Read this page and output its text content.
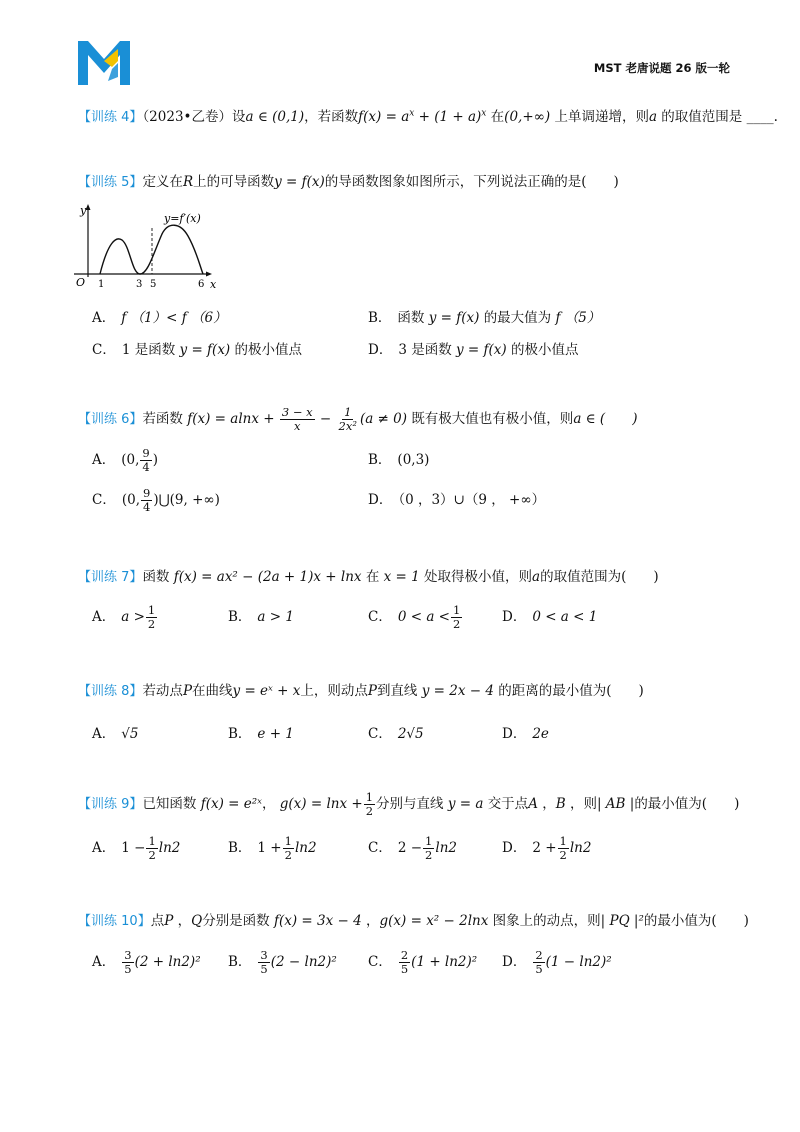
MST 老唐说题 26 版一轮
【训练 4】（2023•乙卷）设a ∈ (0,1)，若函数$f(x) = a^x + (1 + a)^x$ 在(0,+∞) 上单调递增，则a 的取值范围是 ____.
【训练 5】定义在R上的可导函数y = f(x)的导函数图象如图所示，下列说法正确的是(　　)
y
x
O
y=f′(x)
1	3 5	6
A． f （1）< f （6）	B． 函数 y = f(x) 的最大值为 f （5）
C． 1 是函数 y = f(x) 的极小值点	D． 3 是函数 y = f(x) 的极小值点
【训练 6】若函数 $f(x) = alnx + \frac{3 - x}{x} - \frac{1}{\text{2x²}} (a \ne 0)$ 既有极大值也有极小值，则a ∈ (　　)
A． (0, $\frac{9}{4}$ )	B． (0,3)
C． (0, $\frac{9}{4}$ )⋃(9, +∞)	D． （0 ，3）∪（9 ， +∞）
【训练 7】函数 f(x) = ax² − (2a + 1)x + lnx 在 x = 1 处取得极小值，则a的取值范围为(　　)
A． $a > \frac{1}{2}$	B． a > 1	C． $0 < a < \frac{1}{2}$	D． 0 < a < 1
【训练 8】若动点P在曲线y = eˣ + x上，则动点P到直线 y = 2x − 4 的距离的最小值为(　　)
A． √5	B． e + 1	C． 2√5	D． 2e
【训练 9】已知函数 f(x) = e²ˣ， $g(x) = \ln x + \frac{1}{2}$ 分别与直线 y = a 交于点A ，B ，则| AB |的最小值为(　　)
A． $1 - \frac{1}{2} \ln 2$	B． $1 + \frac{1}{2} \ln 2$	C． $2 - \frac{1}{2} \ln 2$	D． $2 + \frac{1}{2} \ln 2$
【训练 10】点P ，Q分别是函数 f(x) = 3x − 4 ，g(x) = x² − 2lnx 图象上的动点，则| PQ |²的最小值为(　　)
A． $\frac{3}{5} (2 + \ln 2)^2$ B． $\frac{3}{5} (2 - \ln 2)^2$ C． $\frac{2}{5} (1 + \ln 2)^2$ D． $\frac{2}{5} (1 - \ln 2)^2$
